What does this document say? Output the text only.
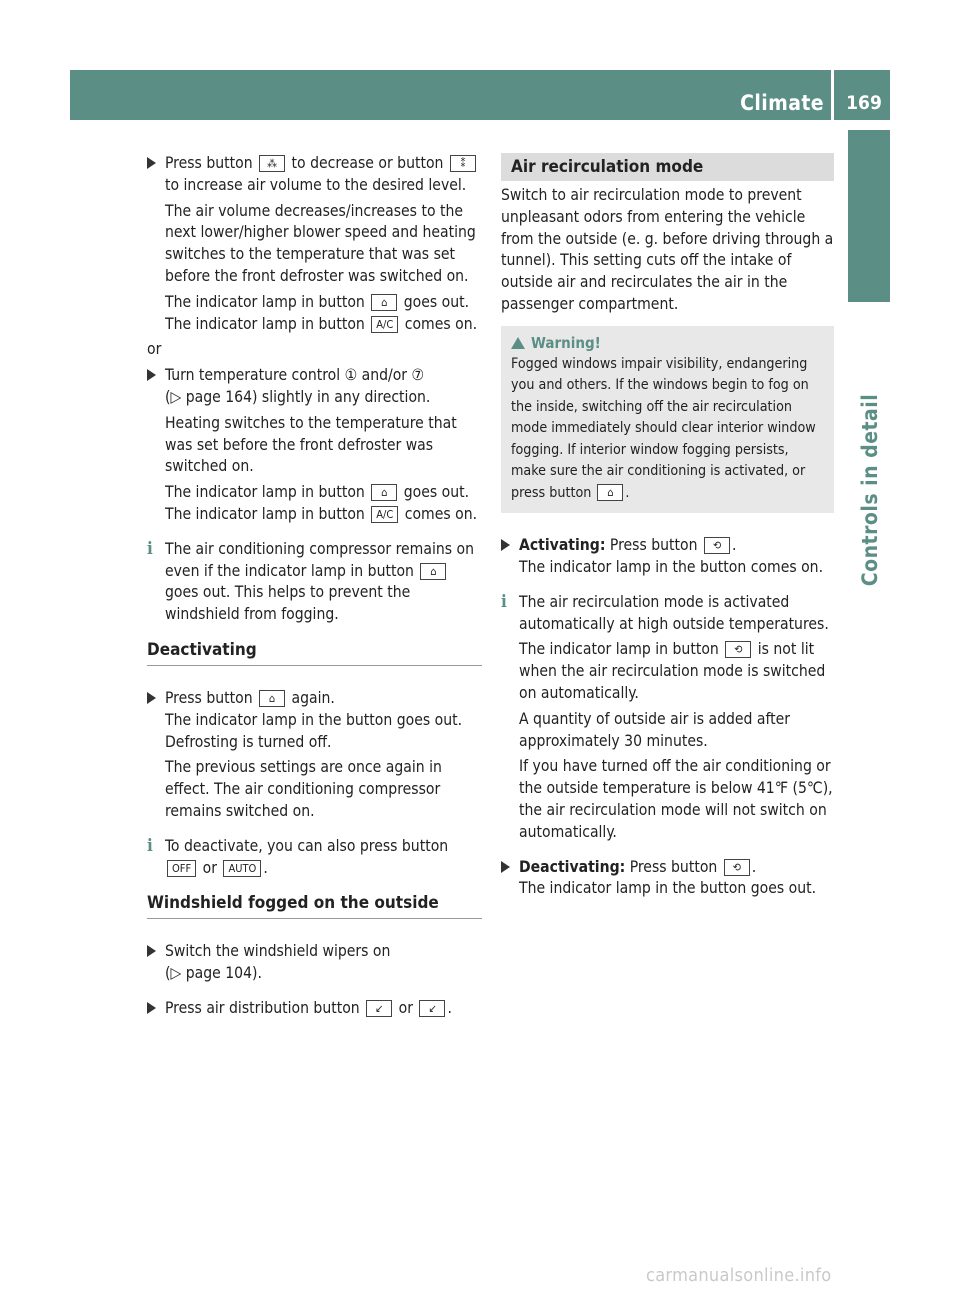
Climate	169
Controls in detail

Press button ⁂ to decrease or button ⁑ to increase air volume to the desired level.

The air volume decreases/increases to the next lower/higher blower speed and heating switches to the temperature that was set before the front defroster was switched on.

The indicator lamp in button ⌂ goes out. The indicator lamp in button A/C comes on.

or

Turn temperature control ① and/or ⑦
(▷ page 164) slightly in any direction.

Heating switches to the temperature that was set before the front defroster was switched on.

The indicator lamp in button ⌂ goes out. The indicator lamp in button A/C comes on.

i The air conditioning compressor remains on even if the indicator lamp in button ⌂ goes out. This helps to prevent the windshield from fogging.

Deactivating

Press button ⌂ again.

The indicator lamp in the button goes out. Defrosting is turned off.

The previous settings are once again in effect. The air conditioning compressor remains switched on.

i To deactivate, you can also press button OFF or AUTO .

Windshield fogged on the outside

Switch the windshield wipers on
(▷ page 104).

Press air distribution button ↙ or ↙ .

Air recirculation mode

Switch to air recirculation mode to prevent unpleasant odors from entering the vehicle from the outside (e. g. before driving through a tunnel). This setting cuts off the intake of outside air and recirculates the air in the passenger compartment.

Warning!

Fogged windows impair visibility, endangering you and others. If the windows begin to fog on the inside, switching off the air recirculation mode immediately should clear interior window fogging. If interior window fogging persists, make sure the air conditioning is activated, or press button ⌂ .

Activating: Press button ⟲ .

The indicator lamp in the button comes on.

i The air recirculation mode is activated automatically at high outside temperatures.

The indicator lamp in button ⟲ is not lit when the air recirculation mode is switched on automatically.

A quantity of outside air is added after approximately 30 minutes.

If you have turned off the air conditioning or the outside temperature is below 41℉ (5℃), the air recirculation mode will not switch on automatically.

Deactivating: Press button ⟲ .

The indicator lamp in the button goes out.

carmanualsonline.info
